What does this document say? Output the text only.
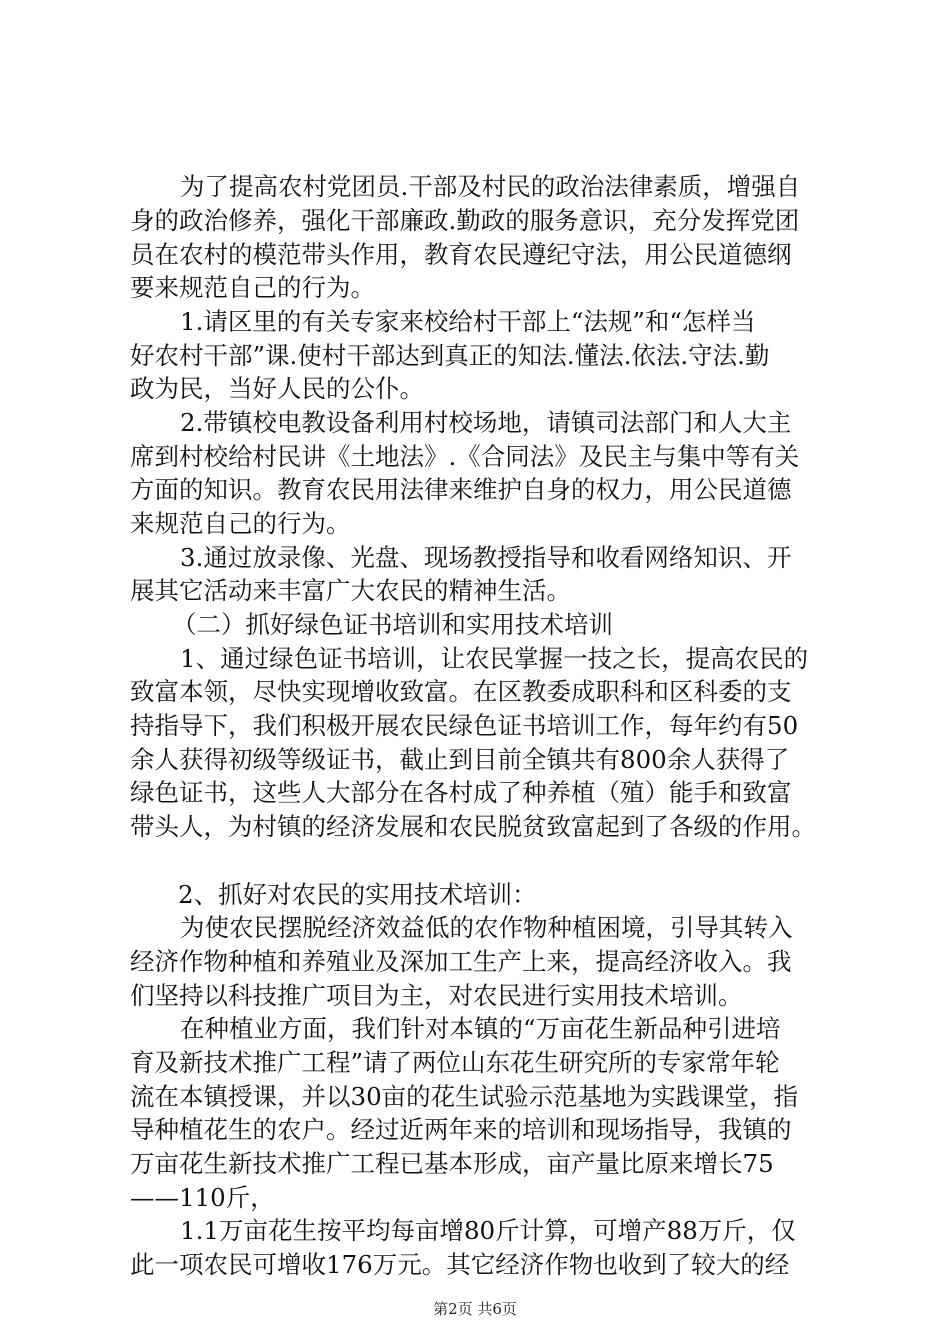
为了提高农村党团员.干部及村民的政治法律素质，增强自
身的政治修养，强化干部廉政.勤政的服务意识，充分发挥党团
员在农村的模范带头作用，教育农民遵纪守法，用公民道德纲
要来规范自己的行为。
1.请区里的有关专家来校给村干部上“法规”和“怎样当
好农村干部”课.使村干部达到真正的知法.懂法.依法.守法.勤
政为民，当好人民的公仆。
2.带镇校电教设备利用村校场地，请镇司法部门和人大主
席到村校给村民讲《土地法》.《合同法》及民主与集中等有关
方面的知识。教育农民用法律来维护自身的权力，用公民道德
来规范自己的行为。
3.通过放录像、光盘、现场教授指导和收看网络知识、开
展其它活动来丰富广大农民的精神生活。
（二）抓好绿色证书培训和实用技术培训
1、通过绿色证书培训，让农民掌握一技之长，提高农民的
致富本领，尽快实现增收致富。在区教委成职科和区科委的支
持指导下，我们积极开展农民绿色证书培训工作，每年约有50
余人获得初级等级证书，截止到目前全镇共有800余人获得了
绿色证书，这些人大部分在各村成了种养植（殖）能手和致富
带头人，为村镇的经济发展和农民脱贫致富起到了各级的作用。
2、抓好对农民的实用技术培训：
为使农民摆脱经济效益低的农作物种植困境，引导其转入
经济作物种植和养殖业及深加工生产上来，提高经济收入。我
们坚持以科技推广项目为主，对农民进行实用技术培训。
在种植业方面，我们针对本镇的“万亩花生新品种引进培
育及新技术推广工程”请了两位山东花生研究所的专家常年轮
流在本镇授课，并以30亩的花生试验示范基地为实践课堂，指
导种植花生的农户。经过近两年来的培训和现场指导，我镇的
万亩花生新技术推广工程已基本形成，亩产量比原来增长75
——110斤，
1.1万亩花生按平均每亩增80斤计算，可增产88万斤，仅
此一项农民可增收176万元。其它经济作物也收到了较大的经
第2页 共6页
